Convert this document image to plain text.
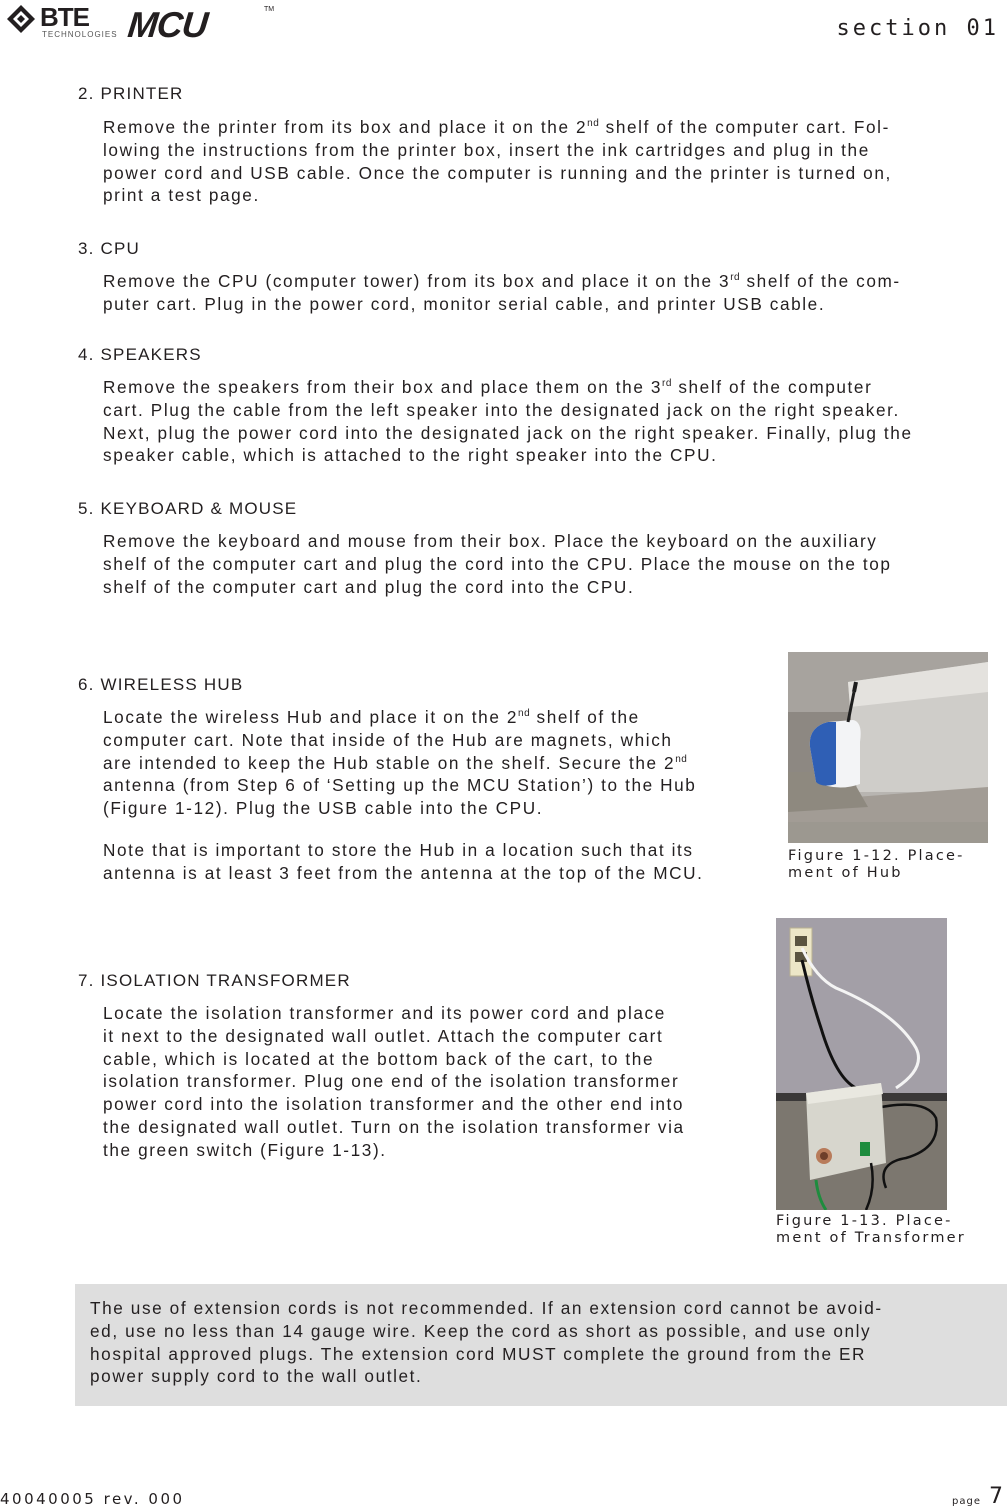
BTE
TECHNOLOGIES MCU	TM
section 01
2. PRINTER
Remove the printer from its box and place it on the 2nd shelf of the computer cart. Fol-
lowing the instructions from the printer box, insert the ink cartridges and plug in the
power cord and USB cable. Once the computer is running and the printer is turned on,
print a test page.
3. CPU
Remove the CPU (computer tower) from its box and place it on the 3rd shelf of the com-
puter cart. Plug in the power cord, monitor serial cable, and printer USB cable.
4. SPEAKERS
Remove the speakers from their box and place them on the 3rd shelf of the computer
cart. Plug the cable from the left speaker into the designated jack on the right speaker.
Next, plug the power cord into the designated jack on the right speaker. Finally, plug the
speaker cable, which is attached to the right speaker into the CPU.
5. KEYBOARD & MOUSE
Remove the keyboard and mouse from their box. Place the keyboard on the auxiliary
shelf of the computer cart and plug the cord into the CPU. Place the mouse on the top
shelf of the computer cart and plug the cord into the CPU.
6. WIRELESS HUB
Locate the wireless Hub and place it on the 2nd shelf of the
computer cart. Note that inside of the Hub are magnets, which
are intended to keep the Hub stable on the shelf. Secure the 2nd
antenna (from Step 6 of ‘Setting up the MCU Station’) to the Hub
(Figure 1-12). Plug the USB cable into the CPU.
Note that is important to store the Hub in a location such that its
antenna is at least 3 feet from the antenna at the top of the MCU.
Figure 1-12. Place-
ment of Hub
7. ISOLATION TRANSFORMER
Locate the isolation transformer and its power cord and place
it next to the designated wall outlet. Attach the computer cart
cable, which is located at the bottom back of the cart, to the
isolation transformer. Plug one end of the isolation transformer
power cord into the isolation transformer and the other end into
the designated wall outlet. Turn on the isolation transformer via
the green switch (Figure 1-13).
Figure 1-13. Place-
ment of Transformer
The use of extension cords is not recommended. If an extension cord cannot be avoid-
ed, use no less than 14 gauge wire. Keep the cord as short as possible, and use only
hospital approved plugs. The extension cord MUST complete the ground from the ER
power supply cord to the wall outlet.
40040005 rev. 000	page 7
